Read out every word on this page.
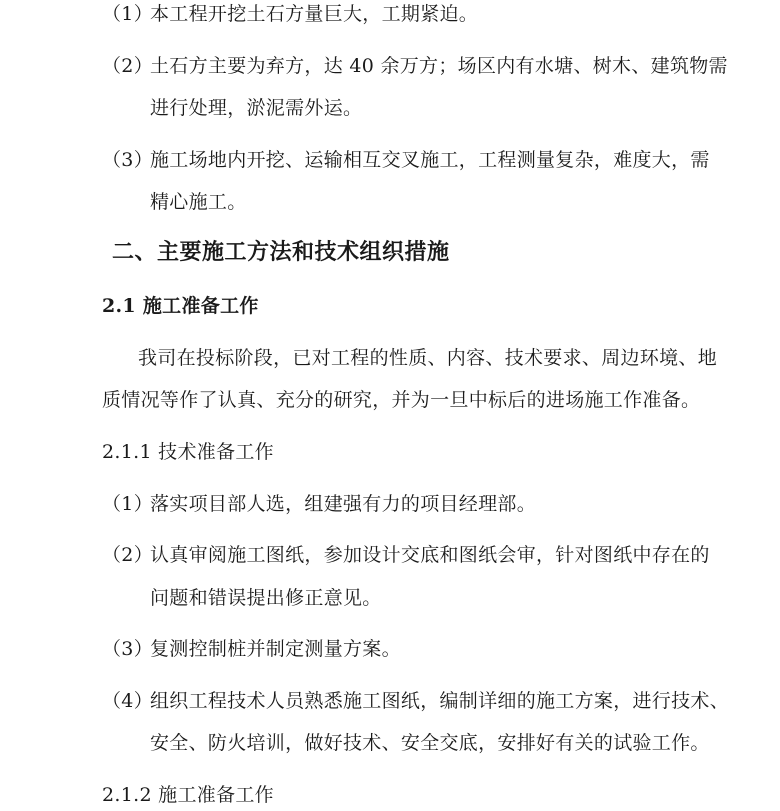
（1）本工程开挖土石方量巨大，工期紧迫。
（2）土石方主要为弃方，达 40 余万方；场区内有水塘、树木、建筑物需
进行处理，淤泥需外运。
（3）施工场地内开挖、运输相互交叉施工，工程测量复杂，难度大，需
精心施工。
二、主要施工方法和技术组织措施
2.1 施工准备工作
我司在投标阶段，已对工程的性质、内容、技术要求、周边环境、地
质情况等作了认真、充分的研究，并为一旦中标后的进场施工作准备。
2.1.1 技术准备工作
（1）落实项目部人选，组建强有力的项目经理部。
（2）认真审阅施工图纸，参加设计交底和图纸会审，针对图纸中存在的
问题和错误提出修正意见。
（3）复测控制桩并制定测量方案。
（4）组织工程技术人员熟悉施工图纸，编制详细的施工方案，进行技术、
安全、防火培训，做好技术、安全交底，安排好有关的试验工作。
2.1.2 施工准备工作
